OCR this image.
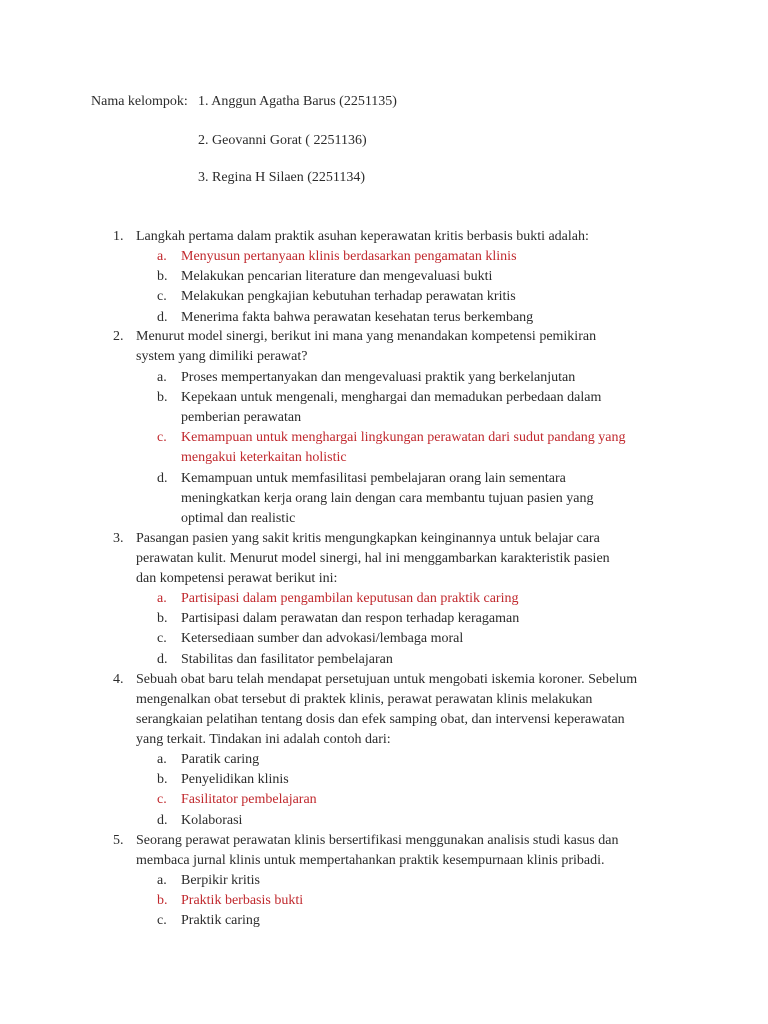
Nama kelompok: 1. Anggun Agatha Barus (2251135)
2. Geovanni Gorat ( 2251136)
3. Regina H Silaen (2251134)
1. Langkah pertama dalam praktik asuhan keperawatan kritis berbasis bukti adalah:
a. Menyusun pertanyaan klinis berdasarkan pengamatan klinis
b. Melakukan pencarian literature dan mengevaluasi bukti
c. Melakukan pengkajian kebutuhan terhadap perawatan kritis
d. Menerima fakta bahwa perawatan kesehatan terus berkembang
2. Menurut model sinergi, berikut ini mana yang menandakan kompetensi pemikiran
system yang dimiliki perawat?
a. Proses mempertanyakan dan mengevaluasi praktik yang berkelanjutan
b. Kepekaan untuk mengenali, menghargai dan memadukan perbedaan dalam
pemberian perawatan
c. Kemampuan untuk menghargai lingkungan perawatan dari sudut pandang yang
mengakui keterkaitan holistic
d. Kemampuan untuk memfasilitasi pembelajaran orang lain sementara
meningkatkan kerja orang lain dengan cara membantu tujuan pasien yang
optimal dan realistic
3. Pasangan pasien yang sakit kritis mengungkapkan keinginannya untuk belajar cara
perawatan kulit. Menurut model sinergi, hal ini menggambarkan karakteristik pasien
dan kompetensi perawat berikut ini:
a. Partisipasi dalam pengambilan keputusan dan praktik caring
b. Partisipasi dalam perawatan dan respon terhadap keragaman
c. Ketersediaan sumber dan advokasi/lembaga moral
d. Stabilitas dan fasilitator pembelajaran
4. Sebuah obat baru telah mendapat persetujuan untuk mengobati iskemia koroner. Sebelum
mengenalkan obat tersebut di praktek klinis, perawat perawatan klinis melakukan
serangkaian pelatihan tentang dosis dan efek samping obat, dan intervensi keperawatan
yang terkait. Tindakan ini adalah contoh dari:
a. Paratik caring
b. Penyelidikan klinis
c. Fasilitator pembelajaran
d. Kolaborasi
5. Seorang perawat perawatan klinis bersertifikasi menggunakan analisis studi kasus dan
membaca jurnal klinis untuk mempertahankan praktik kesempurnaan klinis pribadi.
a. Berpikir kritis
b. Praktik berbasis bukti
c. Praktik caring
